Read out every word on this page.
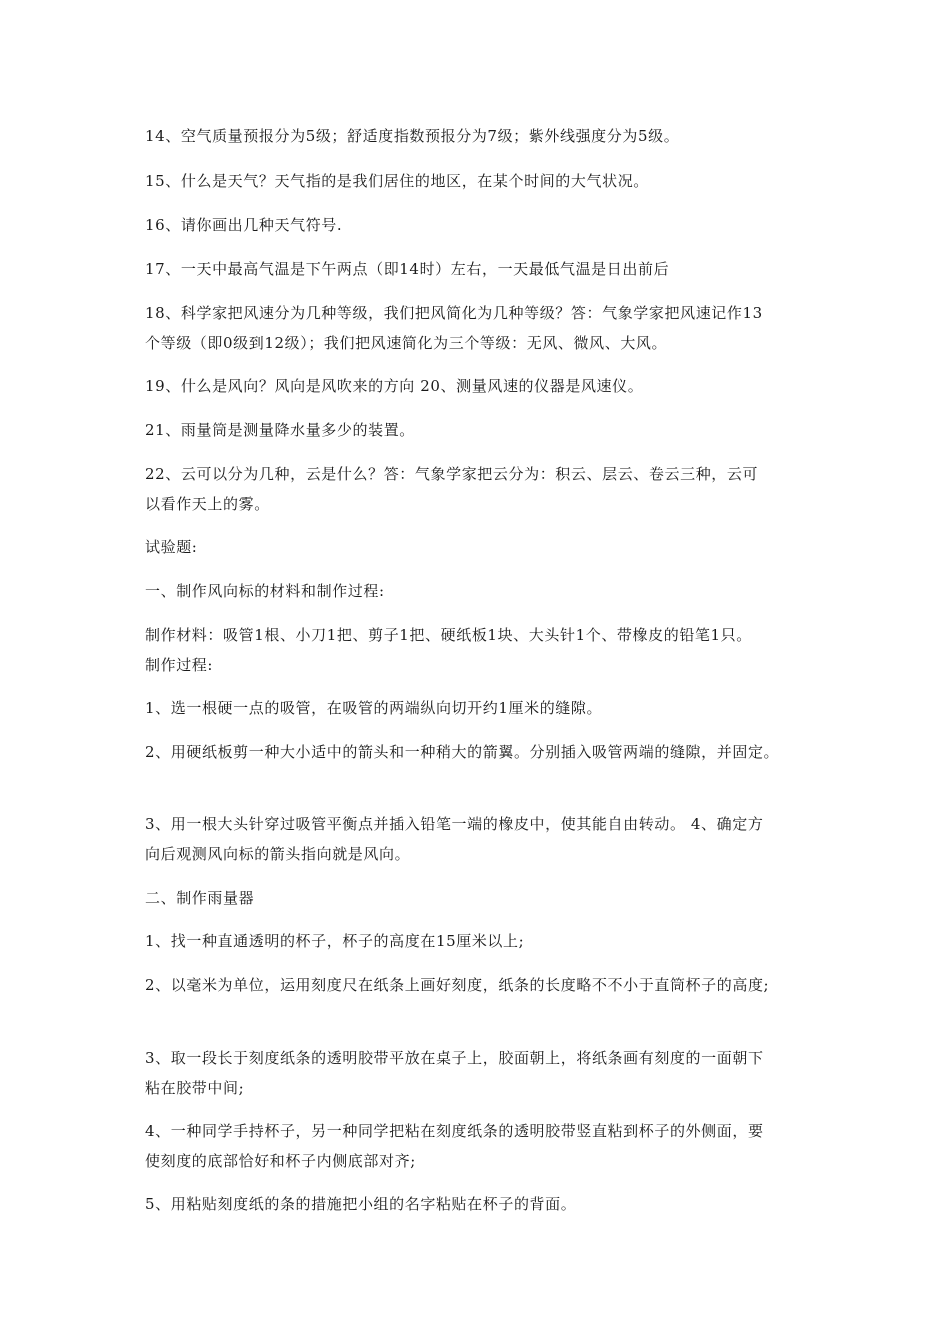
14、空气质量预报分为5级；舒适度指数预报分为7级；紫外线强度分为5级。

15、什么是天气？天气指的是我们居住的地区，在某个时间的大气状况。

16、请你画出几种天气符号.

17、一天中最高气温是下午两点（即14时）左右，一天最低气温是日出前后

18、科学家把风速分为几种等级，我们把风简化为几种等级？答：气象学家把风速记作13
个等级（即0级到12级）；我们把风速简化为三个等级：无风、微风、大风。

19、什么是风向？风向是风吹来的方向 20、测量风速的仪器是风速仪。

21、雨量筒是测量降水量多少的装置。

22、云可以分为几种，云是什么？答：气象学家把云分为：积云、层云、卷云三种，云可
以看作天上的雾。

试验题:

一、制作风向标的材料和制作过程:

制作材料：吸管1根、小刀1把、剪子1把、硬纸板1块、大头针1个、带橡皮的铅笔1只。
制作过程:

1、选一根硬一点的吸管，在吸管的两端纵向切开约1厘米的缝隙。

2、用硬纸板剪一种大小适中的箭头和一种稍大的箭翼。分别插入吸管两端的缝隙，并固定。

3、用一根大头针穿过吸管平衡点并插入铅笔一端的橡皮中，使其能自由转动。 4、确定方
向后观测风向标的箭头指向就是风向。

二、制作雨量器

1、找一种直通透明的杯子，杯子的高度在15厘米以上;

2、以毫米为单位，运用刻度尺在纸条上画好刻度，纸条的长度略不不小于直筒杯子的高度;

3、取一段长于刻度纸条的透明胶带平放在桌子上，胶面朝上，将纸条画有刻度的一面朝下
粘在胶带中间;

4、一种同学手持杯子，另一种同学把粘在刻度纸条的透明胶带竖直粘到杯子的外侧面，要
使刻度的底部恰好和杯子内侧底部对齐;

5、用粘贴刻度纸的条的措施把小组的名字粘贴在杯子的背面。
